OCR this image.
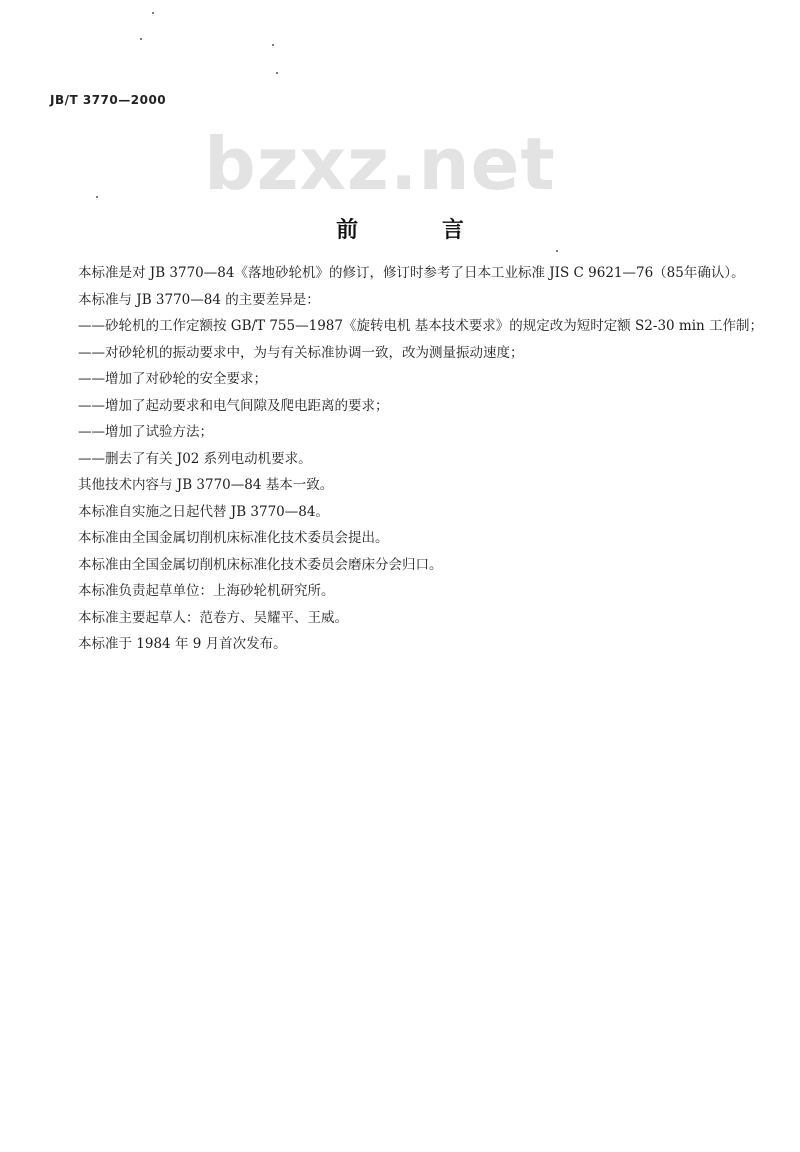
JB/T 3770—2000
bzxz.net
前 言

本标准是对 JB 3770—84《落地砂轮机》的修订，修订时参考了日本工业标准 JIS C 9621—76（85年确认）。

本标准与 JB 3770—84 的主要差异是：

——砂轮机的工作定额按 GB/T 755—1987《旋转电机 基本技术要求》的规定改为短时定额 S2-30 min 工作制；

——对砂轮机的振动要求中，为与有关标准协调一致，改为测量振动速度；

——增加了对砂轮的安全要求；

——增加了起动要求和电气间隙及爬电距离的要求；

——增加了试验方法；

——删去了有关 J02 系列电动机要求。

其他技术内容与 JB 3770—84 基本一致。

本标准自实施之日起代替 JB 3770—84。

本标准由全国金属切削机床标准化技术委员会提出。

本标准由全国金属切削机床标准化技术委员会磨床分会归口。

本标准负责起草单位：上海砂轮机研究所。

本标准主要起草人：范卷方、吴耀平、王威。

本标准于 1984 年 9 月首次发布。
